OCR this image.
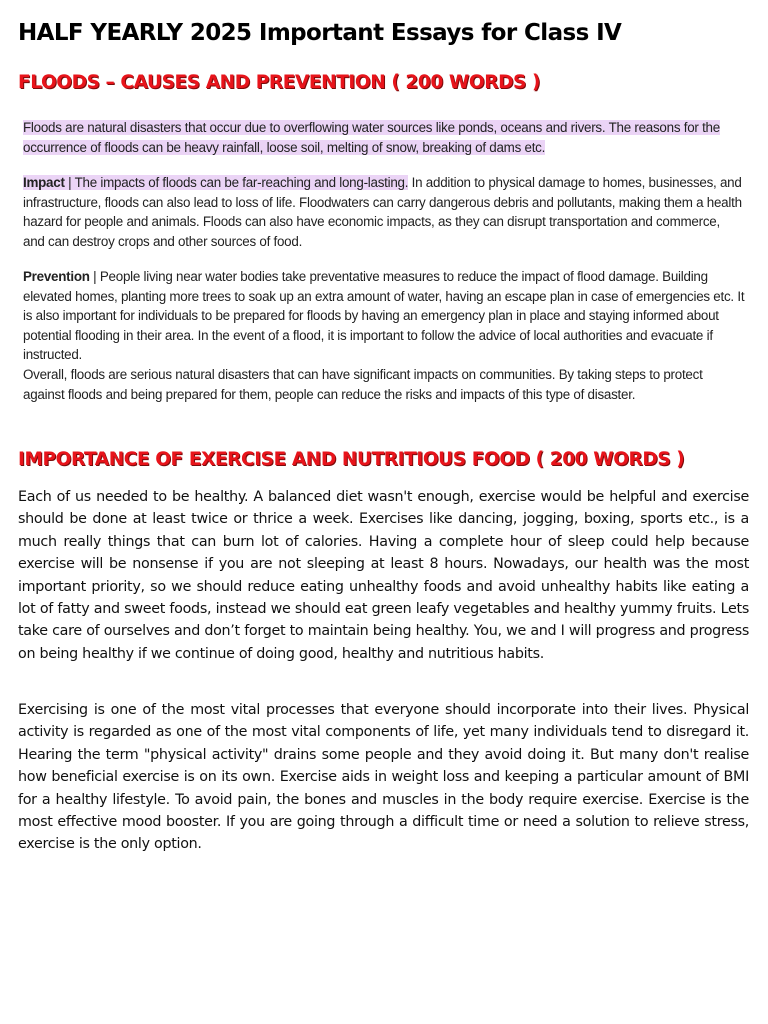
HALF YEARLY 2025 Important Essays for Class IV
FLOODS – CAUSES AND PREVENTION ( 200 WORDS )
Floods are natural disasters that occur due to overflowing water sources like ponds, oceans and rivers. The reasons for the occurrence of floods can be heavy rainfall, loose soil, melting of snow, breaking of dams etc.
Impact | The impacts of floods can be far-reaching and long-lasting. In addition to physical damage to homes, businesses, and infrastructure, floods can also lead to loss of life. Floodwaters can carry dangerous debris and pollutants, making them a health hazard for people and animals. Floods can also have economic impacts, as they can disrupt transportation and commerce, and can destroy crops and other sources of food.
Prevention | People living near water bodies take preventative measures to reduce the impact of flood damage. Building elevated homes, planting more trees to soak up an extra amount of water, having an escape plan in case of emergencies etc. It is also important for individuals to be prepared for floods by having an emergency plan in place and staying informed about potential flooding in their area. In the event of a flood, it is important to follow the advice of local authorities and evacuate if instructed.
Overall, floods are serious natural disasters that can have significant impacts on communities. By taking steps to protect against floods and being prepared for them, people can reduce the risks and impacts of this type of disaster.
IMPORTANCE OF EXERCISE AND NUTRITIOUS FOOD ( 200 WORDS )
Each of us needed to be healthy. A balanced diet wasn't enough, exercise would be helpful and exercise should be done at least twice or thrice a week. Exercises like dancing, jogging, boxing, sports etc., is a much really things that can burn lot of calories. Having a complete hour of sleep could help because exercise will be nonsense if you are not sleeping at least 8 hours. Nowadays, our health was the most important priority, so we should reduce eating unhealthy foods and avoid unhealthy habits like eating a lot of fatty and sweet foods, instead we should eat green leafy vegetables and healthy yummy fruits. Lets take care of ourselves and don’t forget to maintain being healthy. You, we and I will progress and progress on being healthy if we continue of doing good, healthy and nutritious habits.
Exercising is one of the most vital processes that everyone should incorporate into their lives. Physical activity is regarded as one of the most vital components of life, yet many individuals tend to disregard it. Hearing the term "physical activity" drains some people and they avoid doing it. But many don't realise how beneficial exercise is on its own. Exercise aids in weight loss and keeping a particular amount of BMI for a healthy lifestyle. To avoid pain, the bones and muscles in the body require exercise. Exercise is the most effective mood booster. If you are going through a difficult time or need a solution to relieve stress, exercise is the only option.
